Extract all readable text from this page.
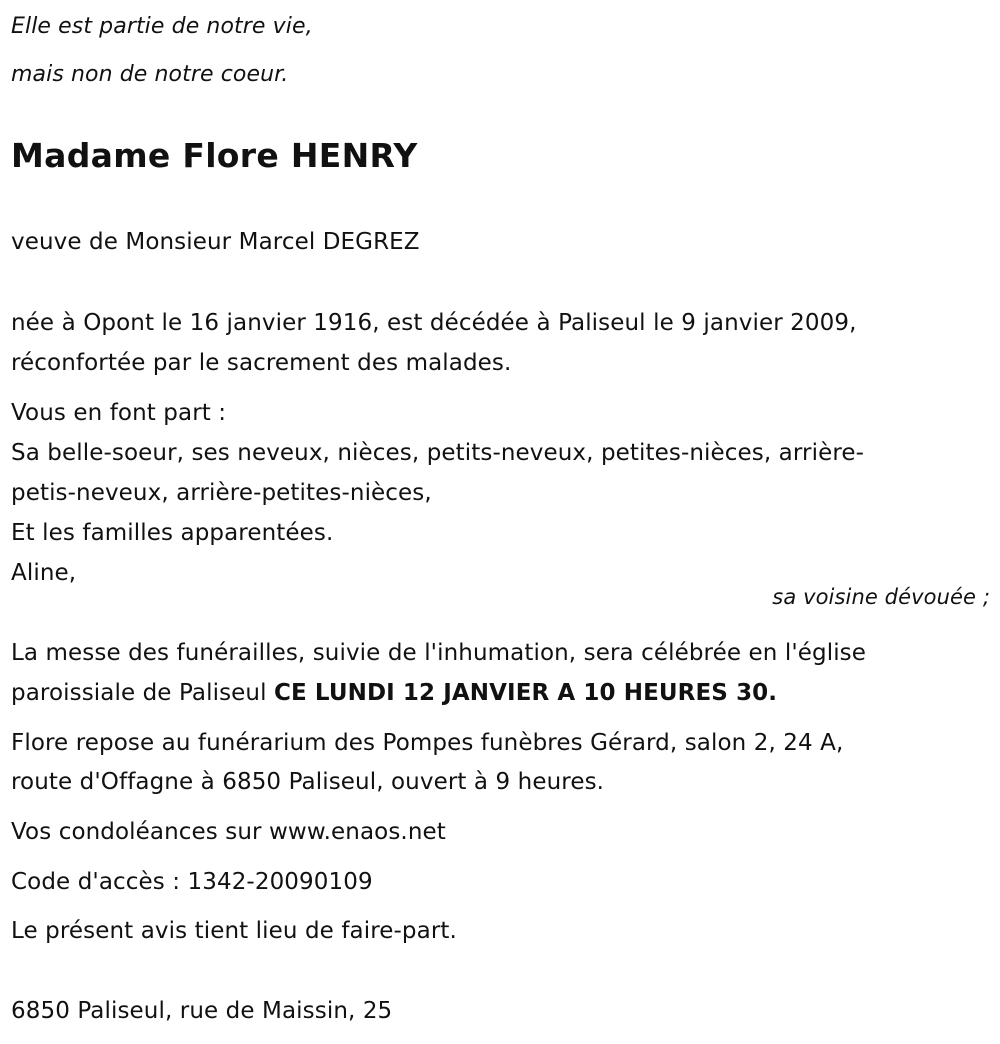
Elle est partie de notre vie,
mais non de notre coeur.
Madame Flore HENRY
veuve de Monsieur Marcel DEGREZ
née à Opont le 16 janvier 1916, est décédée à Paliseul le 9 janvier 2009,
réconfortée par le sacrement des malades.
Vous en font part :
Sa belle-soeur, ses neveux, nièces, petits-neveux, petites-nièces, arrière-
petis-neveux, arrière-petites-nièces,
Et les familles apparentées.
Aline,
sa voisine dévouée ;
La messe des funérailles, suivie de l'inhumation, sera célébrée en l'église
paroissiale de Paliseul CE LUNDI 12 JANVIER A 10 HEURES 30.
Flore repose au funérarium des Pompes funèbres Gérard, salon 2, 24 A,
route d'Offagne à 6850 Paliseul, ouvert à 9 heures.
Vos condoléances sur www.enaos.net
Code d'accès : 1342-20090109
Le présent avis tient lieu de faire-part.
6850 Paliseul, rue de Maissin, 25
